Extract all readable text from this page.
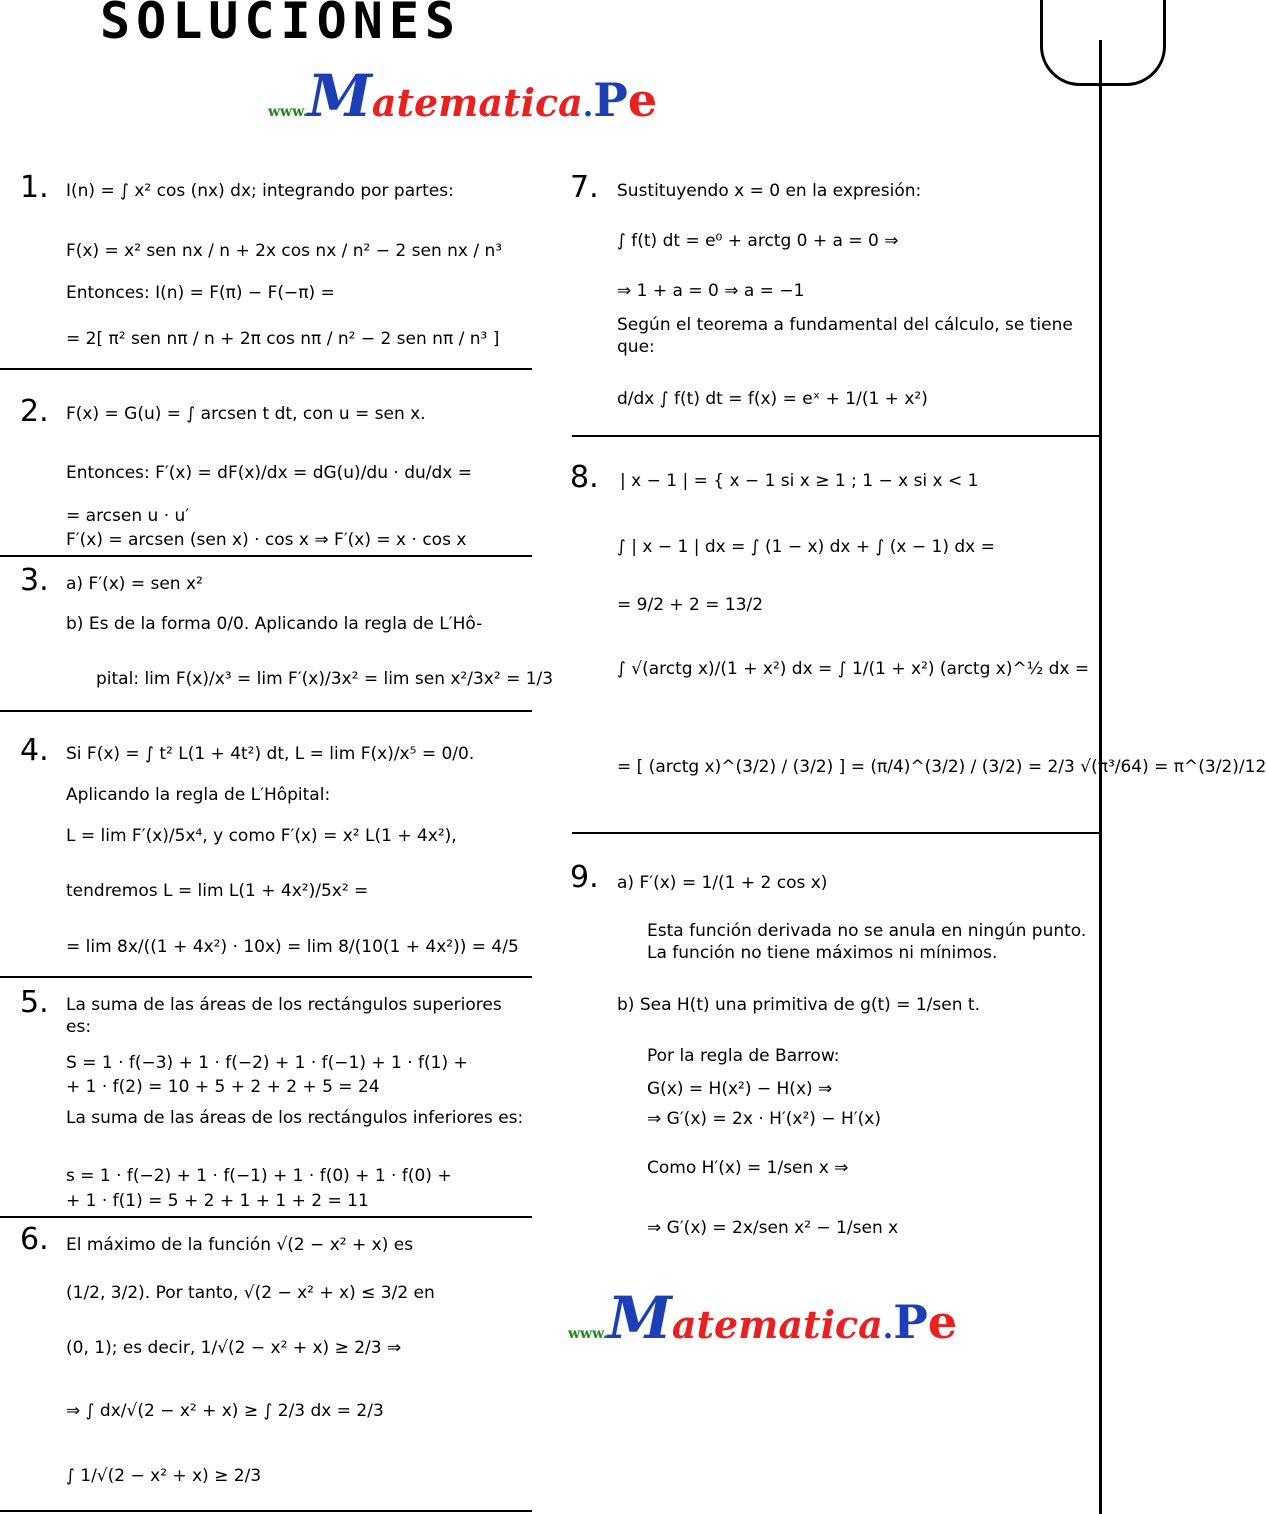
SOLUCIONES
www.Matematica.Pe
1. I(n) = ∫ x² cos (nx) dx; integrando por partes:
F(x) = x² sen nx / n + 2x cos nx / n² − 2 sen nx / n³
Entonces: I(n) = F(π) − F(−π) =
= 2[ π² sen nπ / n + 2π cos nπ / n² − 2 sen nπ / n³ ]
2. F(x) = G(u) = ∫ arcsen t dt, con u = sen x.
Entonces: F′(x) = dF(x)/dx = dG(u)/du · du/dx =
= arcsen u · u′
F′(x) = arcsen (sen x) · cos x ⇒ F′(x) = x · cos x
3. a) F′(x) = sen x²
b) Es de la forma 0/0. Aplicando la regla de L′Hô-
pital: lim F(x)/x³ = lim F′(x)/3x² = lim sen x²/3x² = 1/3
4. Si F(x) = ∫ t² L(1 + 4t²) dt, L = lim F(x)/x⁵ = 0/0.
Aplicando la regla de L′Hôpital:
L = lim F′(x)/5x⁴, y como F′(x) = x² L(1 + 4x²),
tendremos L = lim L(1 + 4x²)/5x² =
= lim 8x/((1 + 4x²) · 10x) = lim 8/(10(1 + 4x²)) = 4/5
5. La suma de las áreas de los rectángulos superiores es:
S = 1 · f(−3) + 1 · f(−2) + 1 · f(−1) + 1 · f(1) +
+ 1 · f(2) = 10 + 5 + 2 + 2 + 5 = 24
La suma de las áreas de los rectángulos inferiores es:
s = 1 · f(−2) + 1 · f(−1) + 1 · f(0) + 1 · f(0) +
+ 1 · f(1) = 5 + 2 + 1 + 1 + 2 = 11
6. El máximo de la función √(2 − x² + x) es
(1/2, 3/2). Por tanto, √(2 − x² + x) ≤ 3/2 en
(0, 1); es decir, 1/√(2 − x² + x) ≥ 2/3 ⇒
⇒ ∫ dx/√(2 − x² + x) ≥ ∫ 2/3 dx = 2/3
∫ 1/√(2 − x² + x) ≥ 2/3
7. Sustituyendo x = 0 en la expresión:
∫ f(t) dt = e⁰ + arctg 0 + a = 0 ⇒
⇒ 1 + a = 0 ⇒ a = −1
Según el teorema a fundamental del cálculo, se tiene que:
d/dx ∫ f(t) dt = f(x) = eˣ + 1/(1 + x²)
8. | x − 1 | = { x − 1 si x ≥ 1 ; 1 − x si x < 1
∫ | x − 1 | dx = ∫ (1 − x) dx + ∫ (x − 1) dx =
= 9/2 + 2 = 13/2
∫ √(arctg x)/(1 + x²) dx = ∫ 1/(1 + x²) (arctg x)^½ dx =
= [ (arctg x)^(3/2) / (3/2) ] = (π/4)^(3/2) / (3/2) = 2/3 √(π³/64) = π^(3/2)/12
9. a) F′(x) = 1/(1 + 2 cos x)
Esta función derivada no se anula en ningún punto. La función no tiene máximos ni mínimos.
b) Sea H(t) una primitiva de g(t) = 1/sen t.
Por la regla de Barrow:
G(x) = H(x²) − H(x) ⇒
⇒ G′(x) = 2x · H′(x²) − H′(x)
Como H′(x) = 1/sen x ⇒
⇒ G′(x) = 2x/sen x² − 1/sen x
www.Matematica.Pe
